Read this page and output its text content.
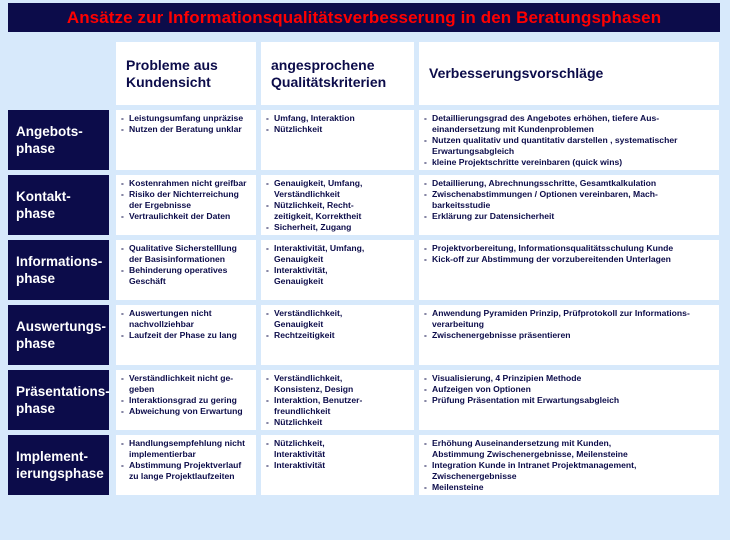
Ansätze zur Informationsqualitätsverbesserung in den Beratungsphasen
Probleme aus
Kundensicht
angesprochene
Qualitätskriterien
Verbesserungsvorschläge
Angebots-
phase
- Leistungsumfang unpräzise
- Nutzen der Beratung unklar
- Umfang, Interaktion
- Nützlichkeit
- Detaillierungsgrad des Angebotes erhöhen, tiefere Aus-
einandersetzung mit Kundenproblemen
- Nutzen qualitativ und quantitativ darstellen , systematischer
Erwartungsabgleich
- kleine Projektschritte vereinbaren (quick wins)
Kontakt-
phase
- Kostenrahmen nicht greifbar
- Risiko der Nichterreichung
der Ergebnisse
- Vertraulichkeit der Daten
- Genauigkeit, Umfang,
Verständlichkeit
- Nützlichkeit, Recht-
zeitigkeit, Korrektheit
- Sicherheit, Zugang
- Detaillierung, Abrechnungsschritte, Gesamtkalkulation
- Zwischenabstimmungen / Optionen vereinbaren, Mach-
barkeitsstudie
- Erklärung zur Datensicherheit
Informations-
phase
- Qualitative Sicherstelllung
der Basisinformationen
- Behinderung operatives
Geschäft
- Interaktivität, Umfang,
Genauigkeit
- Interaktivität,
Genauigkeit
- Projektvorbereitung, Informationsqualitätsschulung Kunde
- Kick-off zur Abstimmung der vorzubereitenden Unterlagen
Auswertungs-
phase
- Auswertungen nicht
nachvollziehbar
- Laufzeit der Phase zu lang
- Verständlichkeit,
Genauigkeit
- Rechtzeitigkeit
- Anwendung Pyramiden Prinzip, Prüfprotokoll zur Informations-
verarbeitung
- Zwischenergebnisse präsentieren
Präsentations-
phase
- Verständlichkeit nicht ge-
geben
- Interaktionsgrad zu gering
- Abweichung von Erwartung
- Verständlichkeit,
Konsistenz, Design
- Interaktion, Benutzer-
freundlichkeit
- Nützlichkeit
- Visualisierung, 4 Prinzipien Methode
- Aufzeigen von Optionen
- Prüfung Präsentation mit Erwartungsabgleich
Implement-
ierungsphase
- Handlungsempfehlung nicht
implementierbar
- Abstimmung Projektverlauf
zu lange Projektlaufzeiten
- Nützlichkeit,
Interaktivität
- Interaktivität
- Erhöhung Auseinandersetzung mit Kunden,
Abstimmung Zwischenergebnisse, Meilensteine
- Integration Kunde in Intranet Projektmanagement,
Zwischenergebnisse
- Meilensteine
